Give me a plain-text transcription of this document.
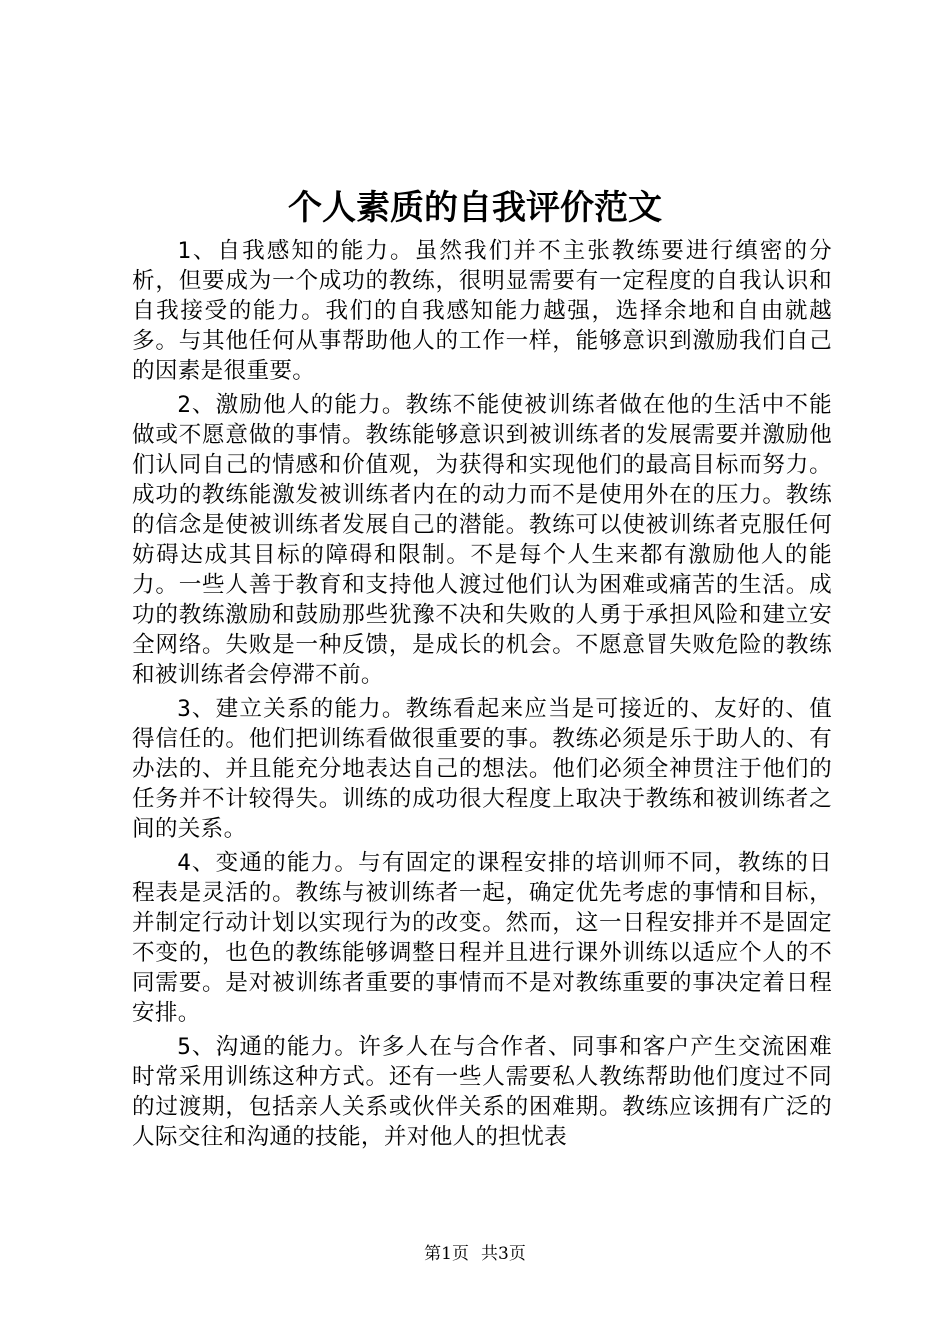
个人素质的自我评价范文

1、自我感知的能力。虽然我们并不主张教练要进行缜密的分析，但要成为一个成功的教练，很明显需要有一定程度的自我认识和自我接受的能力。我们的自我感知能力越强，选择余地和自由就越多。与其他任何从事帮助他人的工作一样，能够意识到激励我们自己的因素是很重要。

2、激励他人的能力。教练不能使被训练者做在他的生活中不能做或不愿意做的事情。教练能够意识到被训练者的发展需要并激励他们认同自己的情感和价值观，为获得和实现他们的最高目标而努力。成功的教练能激发被训练者内在的动力而不是使用外在的压力。教练的信念是使被训练者发展自己的潜能。教练可以使被训练者克服任何妨碍达成其目标的障碍和限制。不是每个人生来都有激励他人的能力。一些人善于教育和支持他人渡过他们认为困难或痛苦的生活。成功的教练激励和鼓励那些犹豫不决和失败的人勇于承担风险和建立安全网络。失败是一种反馈，是成长的机会。不愿意冒失败危险的教练和被训练者会停滞不前。

3、建立关系的能力。教练看起来应当是可接近的、友好的、值得信任的。他们把训练看做很重要的事。教练必须是乐于助人的、有办法的、并且能充分地表达自己的想法。他们必须全神贯注于他们的任务并不计较得失。训练的成功很大程度上取决于教练和被训练者之间的关系。

4、变通的能力。与有固定的课程安排的培训师不同，教练的日程表是灵活的。教练与被训练者一起，确定优先考虑的事情和目标，并制定行动计划以实现行为的改变。然而，这一日程安排并不是固定不变的，也色的教练能够调整日程并且进行课外训练以适应个人的不同需要。是对被训练者重要的事情而不是对教练重要的事决定着日程安排。

5、沟通的能力。许多人在与合作者、同事和客户产生交流困难时常采用训练这种方式。还有一些人需要私人教练帮助他们度过不同的过渡期，包括亲人关系或伙伴关系的困难期。教练应该拥有广泛的人际交往和沟通的技能，并对他人的担忧表

第1页 共3页
